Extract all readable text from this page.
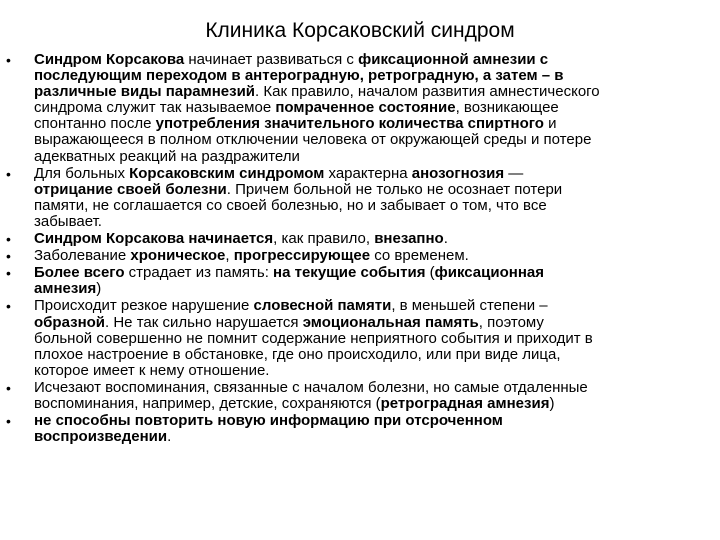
Клиника Корсаковский синдром
• Синдром Корсакова начинает развиваться с фиксационной амнезии с
последующим переходом в антероградную, ретроградную, а затем – в
различные виды парамнезий. Как правило, началом развития амнестического
синдрома служит так называемое помраченное состояние, возникающее
спонтанно после употребления значительного количества спиртного и
выражающееся в полном отключении человека от окружающей среды и потере
адекватных реакций на раздражители
• Для больных Корсаковским синдромом характерна анозогнозия —
отрицание своей болезни. Причем больной не только не осознает потери
памяти, не соглашается со своей болезнью, но и забывает о том, что все
забывает.
• Синдром Корсакова начинается, как правило, внезапно.
• Заболевание хроническое, прогрессирующее со временем.
• Более всего страдает из память: на текущие события (фиксационная
амнезия)
• Происходит резкое нарушение словесной памяти, в меньшей степени –
образной. Не так сильно нарушается эмоциональная память, поэтому
больной совершенно не помнит содержание неприятного события и приходит в
плохое настроение в обстановке, где оно происходило, или при виде лица,
которое имеет к нему отношение.
• Исчезают воспоминания, связанные с началом болезни, но самые отдаленные
воспоминания, например, детские, сохраняются (ретроградная амнезия)
• не способны повторить новую информацию при отсроченном
воспроизведении.
